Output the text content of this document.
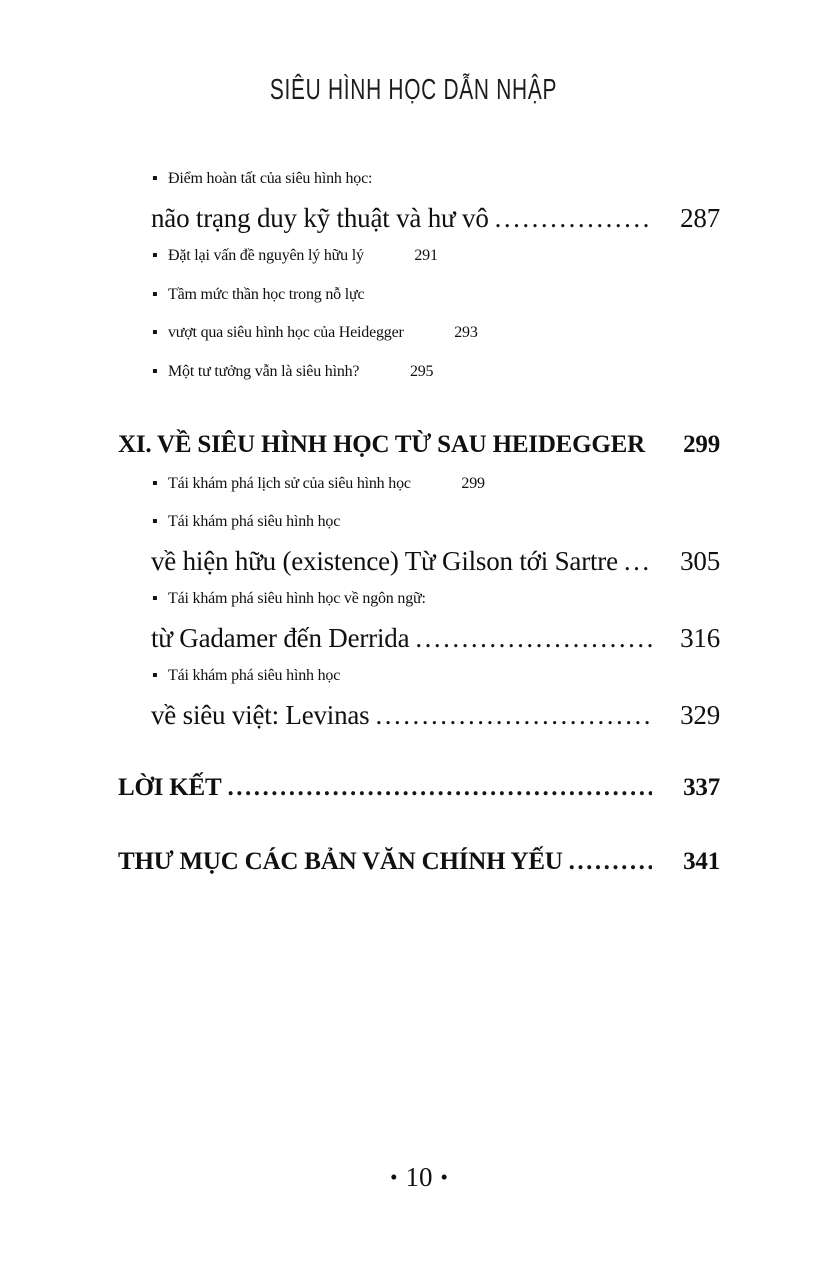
SIÊU HÌNH HỌC DẪN NHẬP
▪ Điểm hoàn tất của siêu hình học:
não trạng duy kỹ thuật và hư vô .....	287
▪ Đặt lại vấn đề nguyên lý hữu lý	291
▪ Tầm mức thần học trong nỗ lực
▪ vượt qua siêu hình học của Heidegger	293
▪ Một tư tưởng vẫn là siêu hình?	295
XI. VỀ SIÊU HÌNH HỌC TỪ SAU HEIDEGGER .....	299
▪ Tái khám phá lịch sử của siêu hình học	299
▪ Tái khám phá siêu hình học
về hiện hữu (existence) Từ Gilson tới Sartre .....	305
▪ Tái khám phá siêu hình học về ngôn ngữ:
từ Gadamer đến Derrida .....	316
▪ Tái khám phá siêu hình học
về siêu việt: Levinas .....	329
LỜI KẾT .....	337
THƯ MỤC CÁC BẢN VĂN CHÍNH YẾU .....	341
• 10 •
